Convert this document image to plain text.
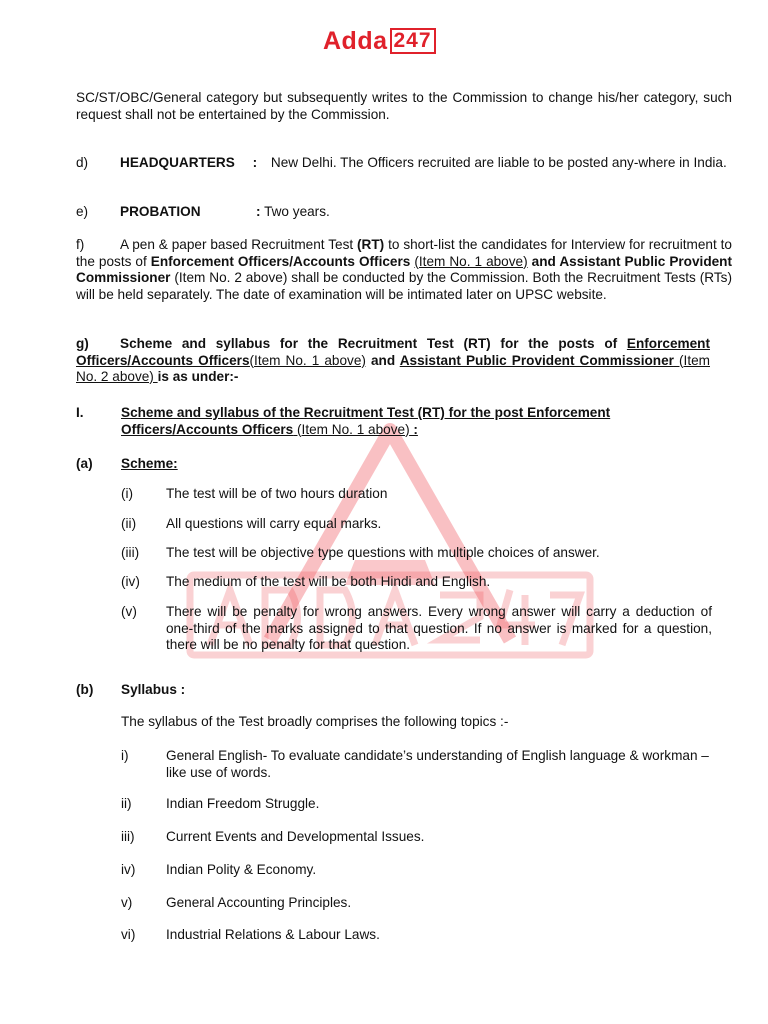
Adda 247
SC/ST/OBC/General category but subsequently writes to the Commission to change his/her category, such request shall not be entertained by the Commission.
d)	HEADQUARTERS : New Delhi. The Officers recruited are liable to be posted any-where in India.
e) PROBATION	: Two years.
f)	A pen & paper based Recruitment Test (RT) to short-list the candidates for Interview for recruitment to the posts of Enforcement Officers/Accounts Officers (Item No. 1 above) and Assistant Public Provident Commissioner (Item No. 2 above) shall be conducted by the Commission. Both the Recruitment Tests (RTs) will be held separately. The date of examination will be intimated later on UPSC website.
g)	Scheme and syllabus for the Recruitment Test (RT) for the posts of Enforcement Officers/Accounts Officers(Item No. 1 above) and Assistant Public Provident Commissioner (Item No. 2 above) is as under:-
I.	Scheme and syllabus of the Recruitment Test (RT) for the post Enforcement
Officers/Accounts Officers (Item No. 1 above) :
(a) Scheme:
(i) The test will be of two hours duration
(ii) All questions will carry equal marks.
(iii) The test will be objective type questions with multiple choices of answer.
(iv) The medium of the test will be both Hindi and English.
(v) There will be penalty for wrong answers. Every wrong answer will carry a deduction of one-third of the marks assigned to that question. If no answer is marked for a question, there will be no penalty for that question.
(b) Syllabus :
The syllabus of the Test broadly comprises the following topics :-
i)	General English- To evaluate candidate’s understanding of English language & workman – like use of words.
ii)	Indian Freedom Struggle.
iii) Current Events and Developmental Issues.
iv) Indian Polity & Economy.
v) General Accounting Principles.
vi) Industrial Relations & Labour Laws.
